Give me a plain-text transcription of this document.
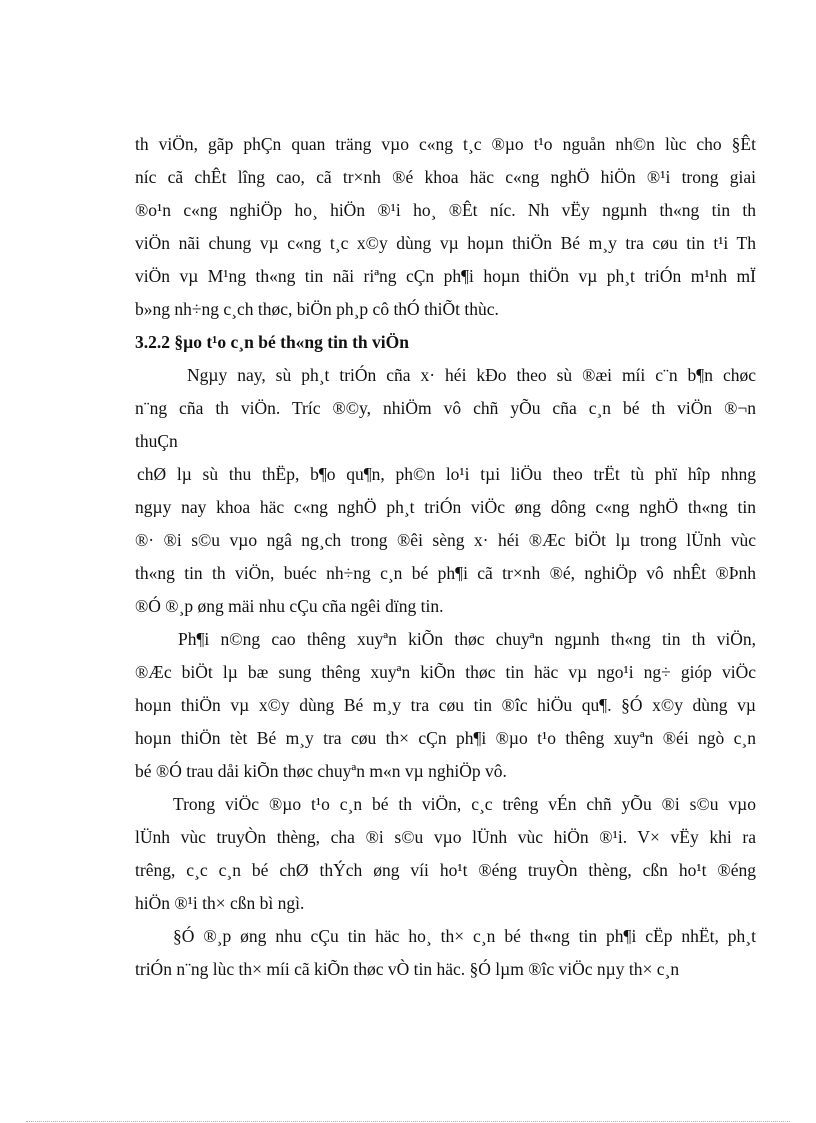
th viÖn, gãp phÇn quan träng vµo c«ng t¸c ®µo t¹o nguån nh©n lùc cho §Êt
níc cã chÊt lîng cao, cã tr×nh ®é khoa häc c«ng nghÖ hiÖn ®¹i trong giai
®o¹n c«ng nghiÖp ho¸ hiÖn ®¹i ho¸ ®Êt níc. Nh vËy ngµnh th«ng tin th
viÖn nãi chung vµ c«ng t¸c x©y dùng vµ hoµn thiÖn Bé m¸y tra cøu tin t¹i Th
viÖn vµ M¹ng th«ng tin nãi riªng cÇn ph¶i hoµn thiÖn vµ ph¸t triÓn m¹nh mÏ
b»ng nh÷ng c¸ch thøc, biÖn ph¸p cô thÓ thiÕt thùc.
3.2.2 §µo t¹o c¸n bé th«ng tin th viÖn
Ngµy nay, sù ph¸t triÓn cña x· héi kÐo theo sù ®æi míi c¨n b¶n chøc
n¨ng cña th viÖn. Tríc ®©y, nhiÖm vô chñ yÕu cña c¸n bé th viÖn ®¬n
thuÇn
chØ lµ sù thu thËp, b¶o qu¶n, ph©n lo¹i tµi liÖu theo trËt tù phï hîp nhng
ngµy nay khoa häc c«ng nghÖ ph¸t triÓn viÖc øng dông c«ng nghÖ th«ng tin
®· ®i s©u vµo ngâ ng¸ch trong ®êi sèng x· héi ®Æc biÖt lµ trong lÜnh vùc
th«ng tin th viÖn, buéc nh÷ng c¸n bé ph¶i cã tr×nh ®é, nghiÖp vô nhÊt ®Þnh
®Ó ®¸p øng mäi nhu cÇu cña ngêi dïng tin.
Ph¶i n©ng cao thêng xuyªn kiÕn thøc chuyªn ngµnh th«ng tin th viÖn,
®Æc biÖt lµ bæ sung thêng xuyªn kiÕn thøc tin häc vµ ngo¹i ng÷ gióp viÖc
hoµn thiÖn vµ x©y dùng Bé m¸y tra cøu tin ®îc hiÖu qu¶. §Ó x©y dùng vµ
hoµn thiÖn tèt Bé m¸y tra cøu th× cÇn ph¶i ®µo t¹o thêng xuyªn ®éi ngò c¸n
bé ®Ó trau dåi kiÕn thøc chuyªn m«n vµ nghiÖp vô.
Trong viÖc ®µo t¹o c¸n bé th viÖn, c¸c trêng vÉn chñ yÕu ®i s©u vµo
lÜnh vùc truyÒn thèng, cha ®i s©u vµo lÜnh vùc hiÖn ®¹i. V× vËy khi ra
trêng, c¸c c¸n bé chØ thÝch øng víi ho¹t ®éng truyÒn thèng, cßn ho¹t ®éng
hiÖn ®¹i th× cßn bì ngì.
§Ó ®¸p øng nhu cÇu tin häc ho¸ th× c¸n bé th«ng tin ph¶i cËp nhËt, ph¸t
triÓn n¨ng lùc th× míi cã kiÕn thøc vÒ tin häc. §Ó lµm ®îc viÖc nµy th× c¸n
